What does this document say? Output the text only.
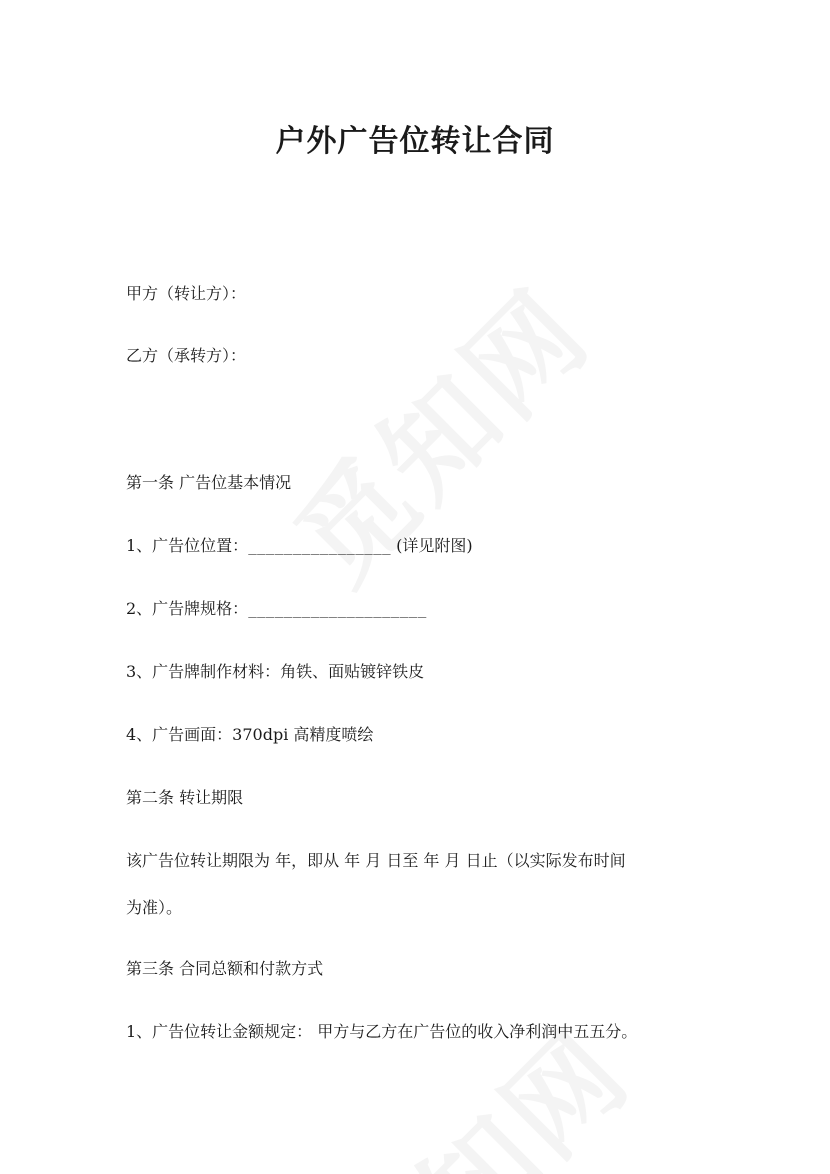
户外广告位转让合同

甲方（转让方）：

乙方（承转方）：

第一条 广告位基本情况

1、广告位位置：________________ (详见附图)

2、广告牌规格：____________________

3、广告牌制作材料：角铁、面贴镀锌铁皮

4、广告画面：370dpi 高精度喷绘

第二条 转让期限

该广告位转让期限为 年，即从 年 月 日至 年 月 日止（以实际发布时间

为准）。

第三条 合同总额和付款方式

1、广告位转让金额规定： 甲方与乙方在广告位的收入净利润中五五分。
